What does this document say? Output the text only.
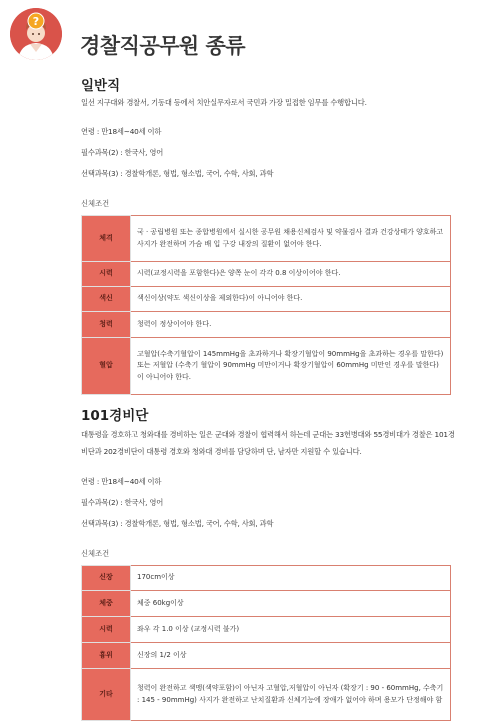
?
경찰직공무원 종류
일반직

일선 지구대와 경찰서, 기동대 등에서 치안실무자로서 국민과 가장 밀접한 임무를 수행합니다.

연령 : 만18세~40세 이하

필수과목(2) : 한국사, 영어

선택과목(3) : 경찰학개론, 형법, 형소법, 국어, 수학, 사회, 과학

신체조건
체격	국 · 공립병원 또는 종합병원에서 실시한 공무원 채용신체검사 및 약물검사 결과 건강상태가 양호하고 사지가 완전하며 가슴 배 입 구강 내장의 질환이 없어야 한다.
시력	시력(교정시력을 포함한다)은 양쪽 눈이 각각 0.8 이상이어야 한다.
색신	색신이상(약도 색신이상을 제외한다)이 아니어야 한다.
청력	청력이 정상이어야 한다.
혈압	고혈압(수축기혈압이 145mmHg을 초과하거나 확장기혈압이 90mmHg을 초과하는 경우를 말한다) 또는 저혈압 (수축기 혈압이 90mmHg 미만이거나 확장기혈압이 60mmHg 미만인 경우를 말한다)이 아니어야 한다.
101경비단

대통령을 경호하고 청와대를 경비하는 일은 군대와 경찰이 협력해서 하는데 군대는 33헌병대와 55경비대가 경찰은 101경비단과 202경비단이 대통령 경호와 청와대 경비를 담당하며 단, 남자만 지원할 수 있습니다.

연령 : 만18세~40세 이하

필수과목(2) : 한국사, 영어

선택과목(3) : 경찰학개론, 형법, 형소법, 국어, 수학, 사회, 과학

신체조건
신장	170cm이상
체중	체중 60kg이상
시력	좌우 각 1.0 이상 (교정시력 불가)
흉위	신장의 1/2 이상
기타	청력이 완전하고 색맹(색약포함)이 아닌자 고혈압,저혈압이 아닌자 (확장기 : 90 - 60mmHg, 수축기 : 145 - 90mmHg) 사지가 완전하고 난치질환과 신체기능에 장애가 없어야 하며 용모가 단정해야 함
